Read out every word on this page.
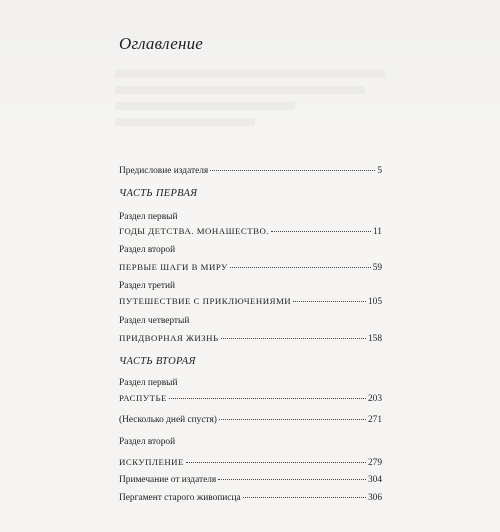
Оглавление
Предисловие издателя	5
ЧАСТЬ ПЕРВАЯ
Раздел первый
ГОДЫ ДЕТСТВА. МОНАШЕСТВО.	11
Раздел второй
ПЕРВЫЕ ШАГИ В МИРУ	59
Раздел третий
ПУТЕШЕСТВИЕ С ПРИКЛЮЧЕНИЯМИ	105
Раздел четвертый
ПРИДВОРНАЯ ЖИЗНЬ	158
ЧАСТЬ ВТОРАЯ
Раздел первый
РАСПУТЬЕ	203
(Несколько дней спустя)	271
Раздел второй
ИСКУПЛЕНИЕ	279
Примечание от издателя	304
Пергамент старого живописца	306
